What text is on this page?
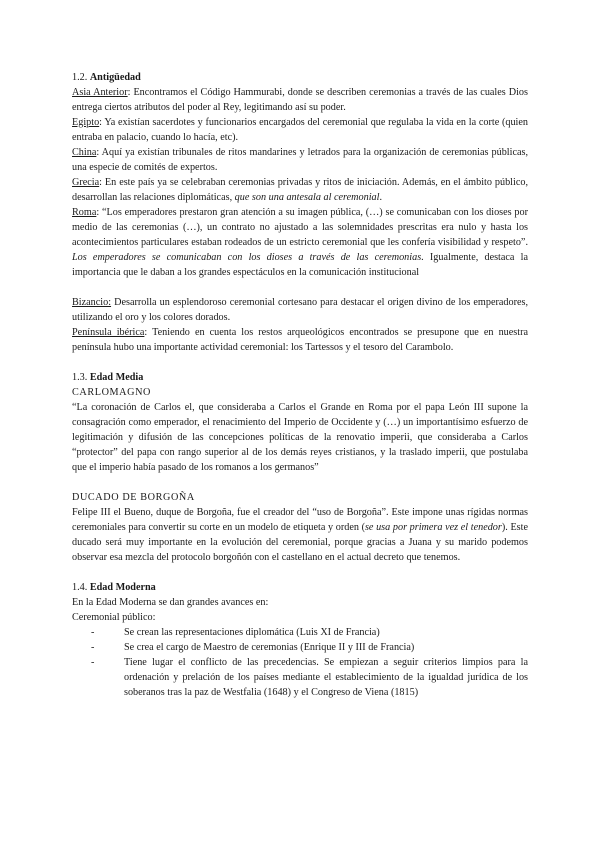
1.2. Antigüedad

Asia Anterior: Encontramos el Código Hammurabi, donde se describen ceremonias a través de las cuales Dios entrega ciertos atributos del poder al Rey, legitimando así su poder.

Egipto: Ya existían sacerdotes y funcionarios encargados del ceremonial que regulaba la vida en la corte (quien entraba en palacio, cuando lo hacía, etc).

China: Aquí ya existían tribunales de ritos mandarines y letrados para la organización de ceremonias públicas, una especie de comités de expertos.

Grecia: En este país ya se celebraban ceremonias privadas y ritos de iniciación. Además, en el ámbito público, desarrollan las relaciones diplomáticas, que son una antesala al ceremonial.

Roma: “Los emperadores prestaron gran atención a su imagen pública, (…) se comunicaban con los dioses por medio de las ceremonias (…), un contrato no ajustado a las solemnidades prescritas era nulo y hasta los acontecimientos particulares estaban rodeados de un estricto ceremonial que les confería visibilidad y respeto”. Los emperadores se comunicaban con los dioses a través de las ceremonias. Igualmente, destaca la importancia que le daban a los grandes espectáculos en la comunicación institucional

Bizancio: Desarrolla un esplendoroso ceremonial cortesano para destacar el origen divino de los emperadores, utilizando el oro y los colores dorados.

Península ibérica: Teniendo en cuenta los restos arqueológicos encontrados se presupone que en nuestra península hubo una importante actividad ceremonial: los Tartessos y el tesoro del Carambolo.

1.3. Edad Media

CARLOMAGNO

“La coronación de Carlos el, que consideraba a Carlos el Grande en Roma por el papa León III supone la consagración como emperador, el renacimiento del Imperio de Occidente y (…) un importantísimo esfuerzo de legitimación y difusión de las concepciones políticas de la renovatio imperii, que consideraba a Carlos “protector” del papa con rango superior al de los demás reyes cristianos, y la traslado imperii, que postulaba que el imperio había pasado de los romanos a los germanos”

DUCADO DE BORGOÑA

Felipe III el Bueno, duque de Borgoña, fue el creador del “uso de Borgoña”. Este impone unas rígidas normas ceremoniales para convertir su corte en un modelo de etiqueta y orden (se usa por primera vez el tenedor). Este ducado será muy importante en la evolución del ceremonial, porque gracias a Juana y su marido podemos observar esa mezcla del protocolo borgoñón con el castellano en el actual decreto que tenemos.

1.4. Edad Moderna

En la Edad Moderna se dan grandes avances en:

Ceremonial público:

- Se crean las representaciones diplomática (Luis XI de Francia)
- Se crea el cargo de Maestro de ceremonias (Enrique II y III de Francia)
- Tiene lugar el conflicto de las precedencias. Se empiezan a seguir criterios limpios para la ordenación y prelación de los países mediante el establecimiento de la igualdad jurídica de los soberanos tras la paz de Westfalia (1648) y el Congreso de Viena (1815)
